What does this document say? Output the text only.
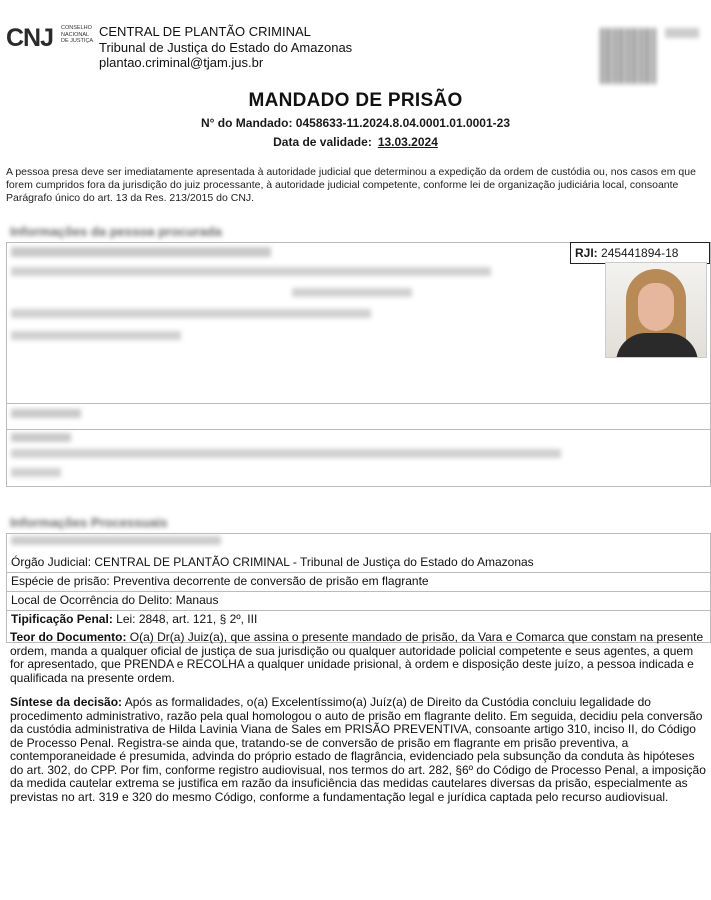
CNJ CONSELHO
NACIONAL
DE JUSTIÇA
CENTRAL DE PLANTÃO CRIMINAL
Tribunal de Justiça do Estado do Amazonas
plantao.criminal@tjam.jus.br
MANDADO DE PRISÃO
N° do Mandado: 0458633-11.2024.8.04.0001.01.0001-23
Data de validade: 13.03.2024
A pessoa presa deve ser imediatamente apresentada à autoridade judicial que determinou a expedição da ordem de custódia ou, nos casos em que forem cumpridos fora da jurisdição do juiz processante, à autoridade judicial competente, conforme lei de organização judiciária local, consoante Parágrafo único do art. 13 da Res. 213/2015 do CNJ.
Informações da pessoa procurada
RJI: 245441894-18
Informações Processuais
Órgão Judicial: CENTRAL DE PLANTÃO CRIMINAL - Tribunal de Justiça do Estado do Amazonas
Espécie de prisão: Preventiva decorrente de conversão de prisão em flagrante
Local de Ocorrência do Delito: Manaus
Tipificação Penal: Lei: 2848, art. 121, § 2º, III
Teor do Documento: O(a) Dr(a) Juiz(a), que assina o presente mandado de prisão, da Vara e Comarca que constam na presente ordem, manda a qualquer oficial de justiça de sua jurisdição ou qualquer autoridade policial competente e seus agentes, a quem for apresentado, que PRENDA e RECOLHA a qualquer unidade prisional, à ordem e disposição deste juízo, a pessoa indicada e qualificada na presente ordem.
Síntese da decisão: Após as formalidades, o(a) Excelentíssimo(a) Juíz(a) de Direito da Custódia concluiu legalidade do procedimento administrativo, razão pela qual homologou o auto de prisão em flagrante delito. Em seguida, decidiu pela conversão da custódia administrativa de Hilda Lavinia Viana de Sales em PRISÃO PREVENTIVA, consoante artigo 310, inciso II, do Código de Processo Penal. Registra-se ainda que, tratando-se de conversão de prisão em flagrante em prisão preventiva, a contemporaneidade é presumida, advinda do próprio estado de flagrância, evidenciado pela subsunção da conduta às hipóteses do art. 302, do CPP. Por fim, conforme registro audiovisual, nos termos do art. 282, §6º do Código de Processo Penal, a imposição da medida cautelar extrema se justifica em razão da insuficiência das medidas cautelares diversas da prisão, especialmente as previstas no art. 319 e 320 do mesmo Código, conforme a fundamentação legal e jurídica captada pelo recurso audiovisual.
